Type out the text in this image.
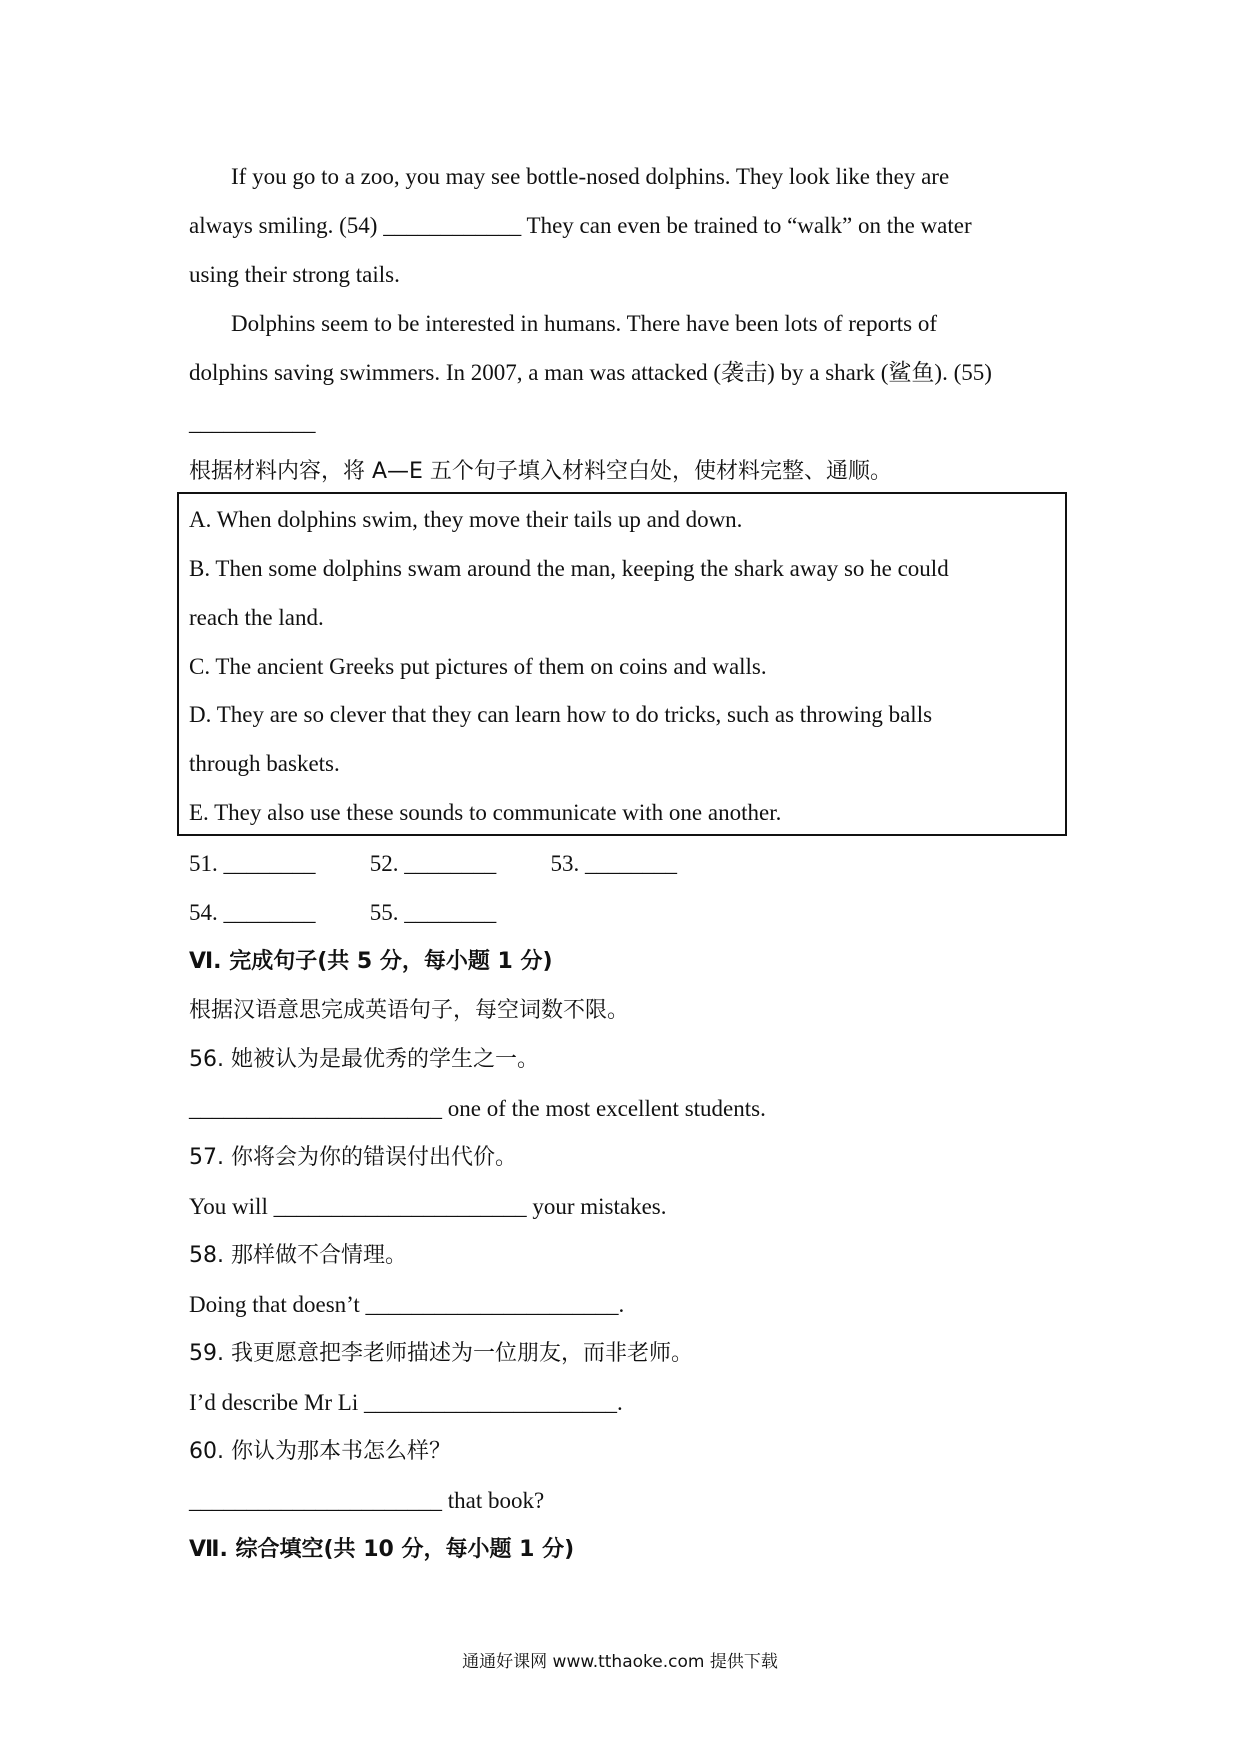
If you go to a zoo, you may see bottle-nosed dolphins. They look like they are
always smiling. (54) ____________ They can even be trained to “walk” on the water
using their strong tails.
Dolphins seem to be interested in humans. There have been lots of reports of
dolphins saving swimmers. In 2007, a man was attacked (袭击) by a shark (鲨鱼). (55)
___________
根据材料内容，将 A—E 五个句子填入材料空白处，使材料完整、通顺。
A. When dolphins swim, they move their tails up and down.
B. Then some dolphins swam around the man, keeping the shark away so he could
reach the land.
C. The ancient Greeks put pictures of them on coins and walls.
D. They are so clever that they can learn how to do tricks, such as throwing balls
through baskets.
E. They also use these sounds to communicate with one another.
51. ________ 52. ________ 53. ________
54. ________ 55. ________
Ⅵ. 完成句子(共 5 分，每小题 1 分)
根据汉语意思完成英语句子，每空词数不限。
56. 她被认为是最优秀的学生之一。
______________________ one of the most excellent students.
57. 你将会为你的错误付出代价。
You will ______________________ your mistakes.
58. 那样做不合情理。
Doing that doesn’t ______________________.
59. 我更愿意把李老师描述为一位朋友，而非老师。
I’d describe Mr Li ______________________.
60. 你认为那本书怎么样？
______________________ that book?
Ⅶ. 综合填空(共 10 分，每小题 1 分)
通通好课网 www.tthaoke.com 提供下载
